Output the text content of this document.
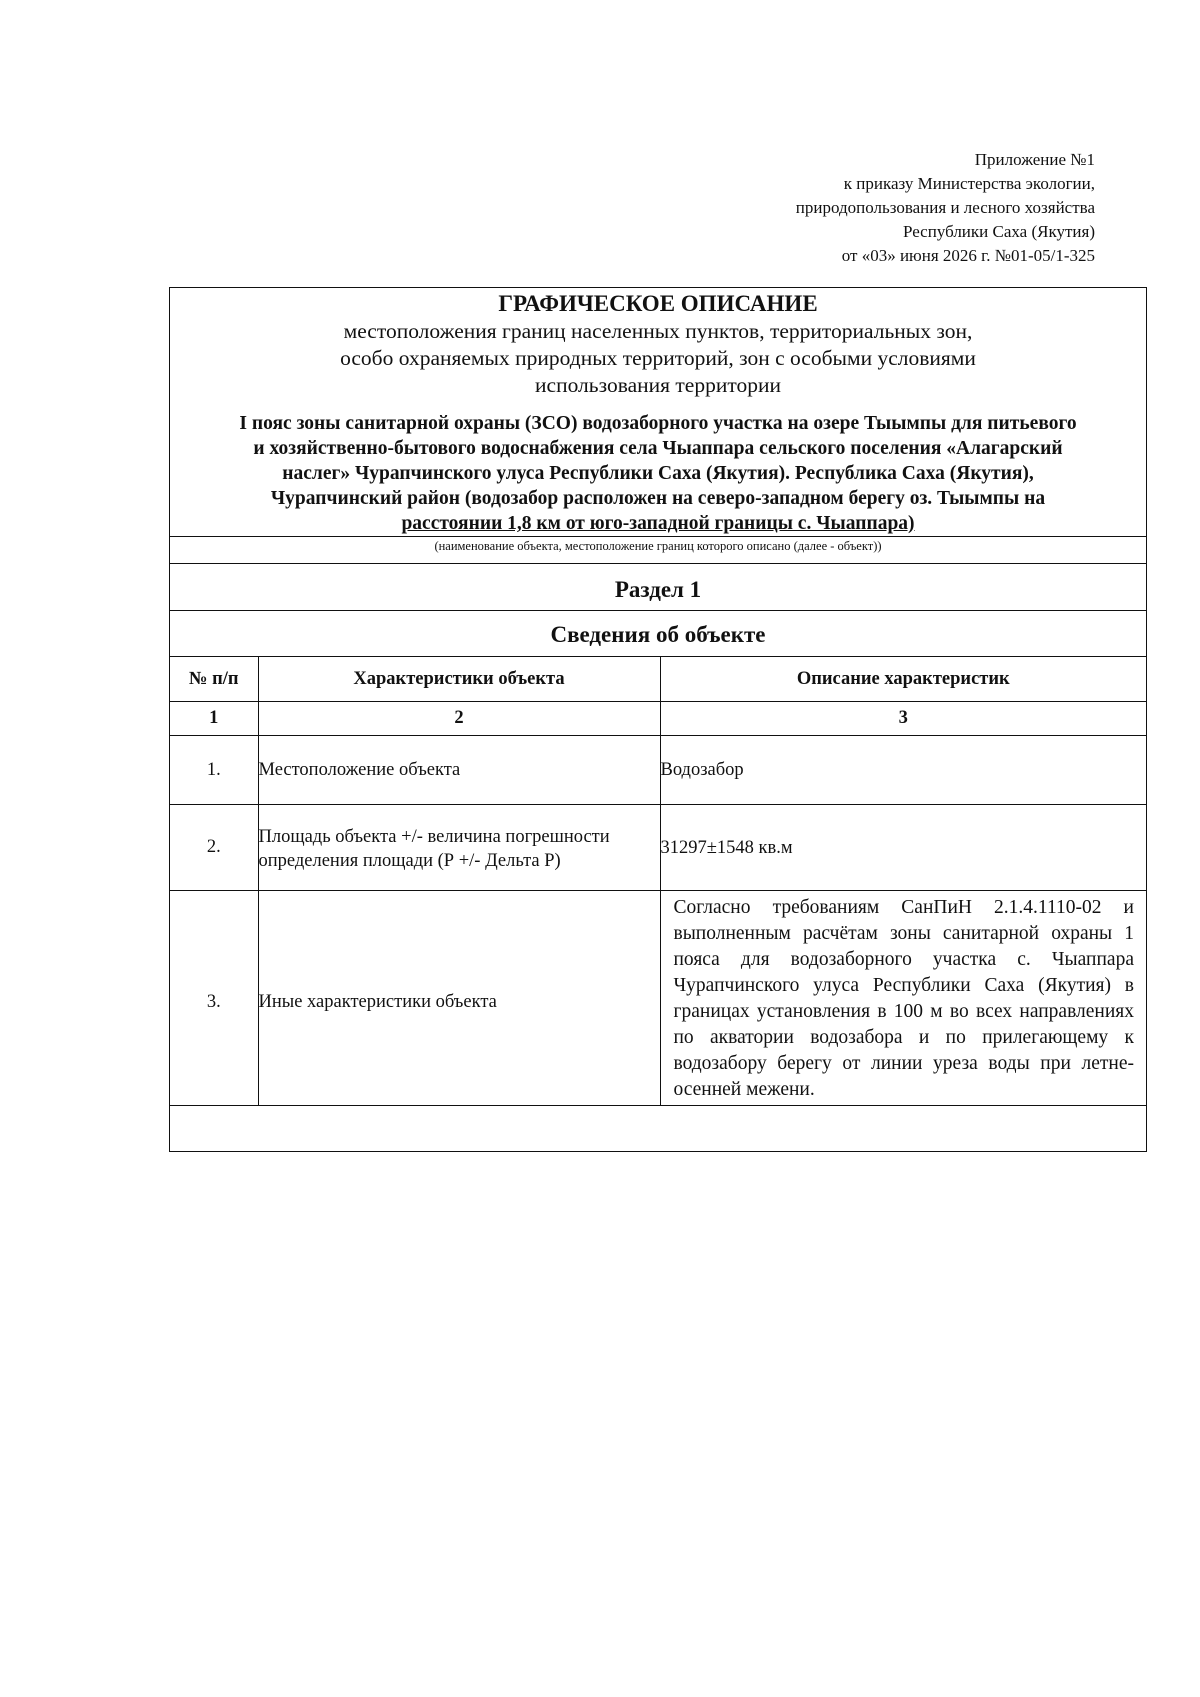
Приложение №1
к приказу Министерства экологии,
природопользования и лесного хозяйства
Республики Саха (Якутия)
от «03» июня 2026 г. №01-05/1-325
ГРАФИЧЕСКОЕ ОПИСАНИЕ
местоположения границ населенных пунктов, территориальных зон,
особо охраняемых природных территорий, зон с особыми условиями
использования территории
I пояс зоны санитарной охраны (ЗСО) водозаборного участка на озере Тыымпы для питьевого
и хозяйственно-бытового водоснабжения села Чыаппара сельского поселения «Алагарский
наслег» Чурапчинского улуса Республики Саха (Якутия). Республика Саха (Якутия),
Чурапчинский район (водозабор расположен на северо-западном берегу оз. Тыымпы на
расстоянии 1,8 км от юго-западной границы с. Чыаппара)
(наименование объекта, местоположение границ которого описано (далее - объект))
Раздел 1
Сведения об объекте
№ п/п	Характеристики объекта	Описание характеристик
1	2	3
1.	Местоположение объекта	Водозабор
2.	Площадь объекта +/- величина погрешности определения площади (Р +/- Дельта Р)	31297±1548 кв.м
3.	Иные характеристики объекта	Согласно требованиям СанПиН 2.1.4.1110-02 и выполненным расчётам зоны санитарной охраны 1 пояса для водозаборного участка с. Чыаппара Чурапчинского улуса Республики Саха (Якутия) в границах установления в 100 м во всех направлениях по акватории водозабора и по прилегающему к водозабору берегу от линии уреза воды при летне-осенней межени.
